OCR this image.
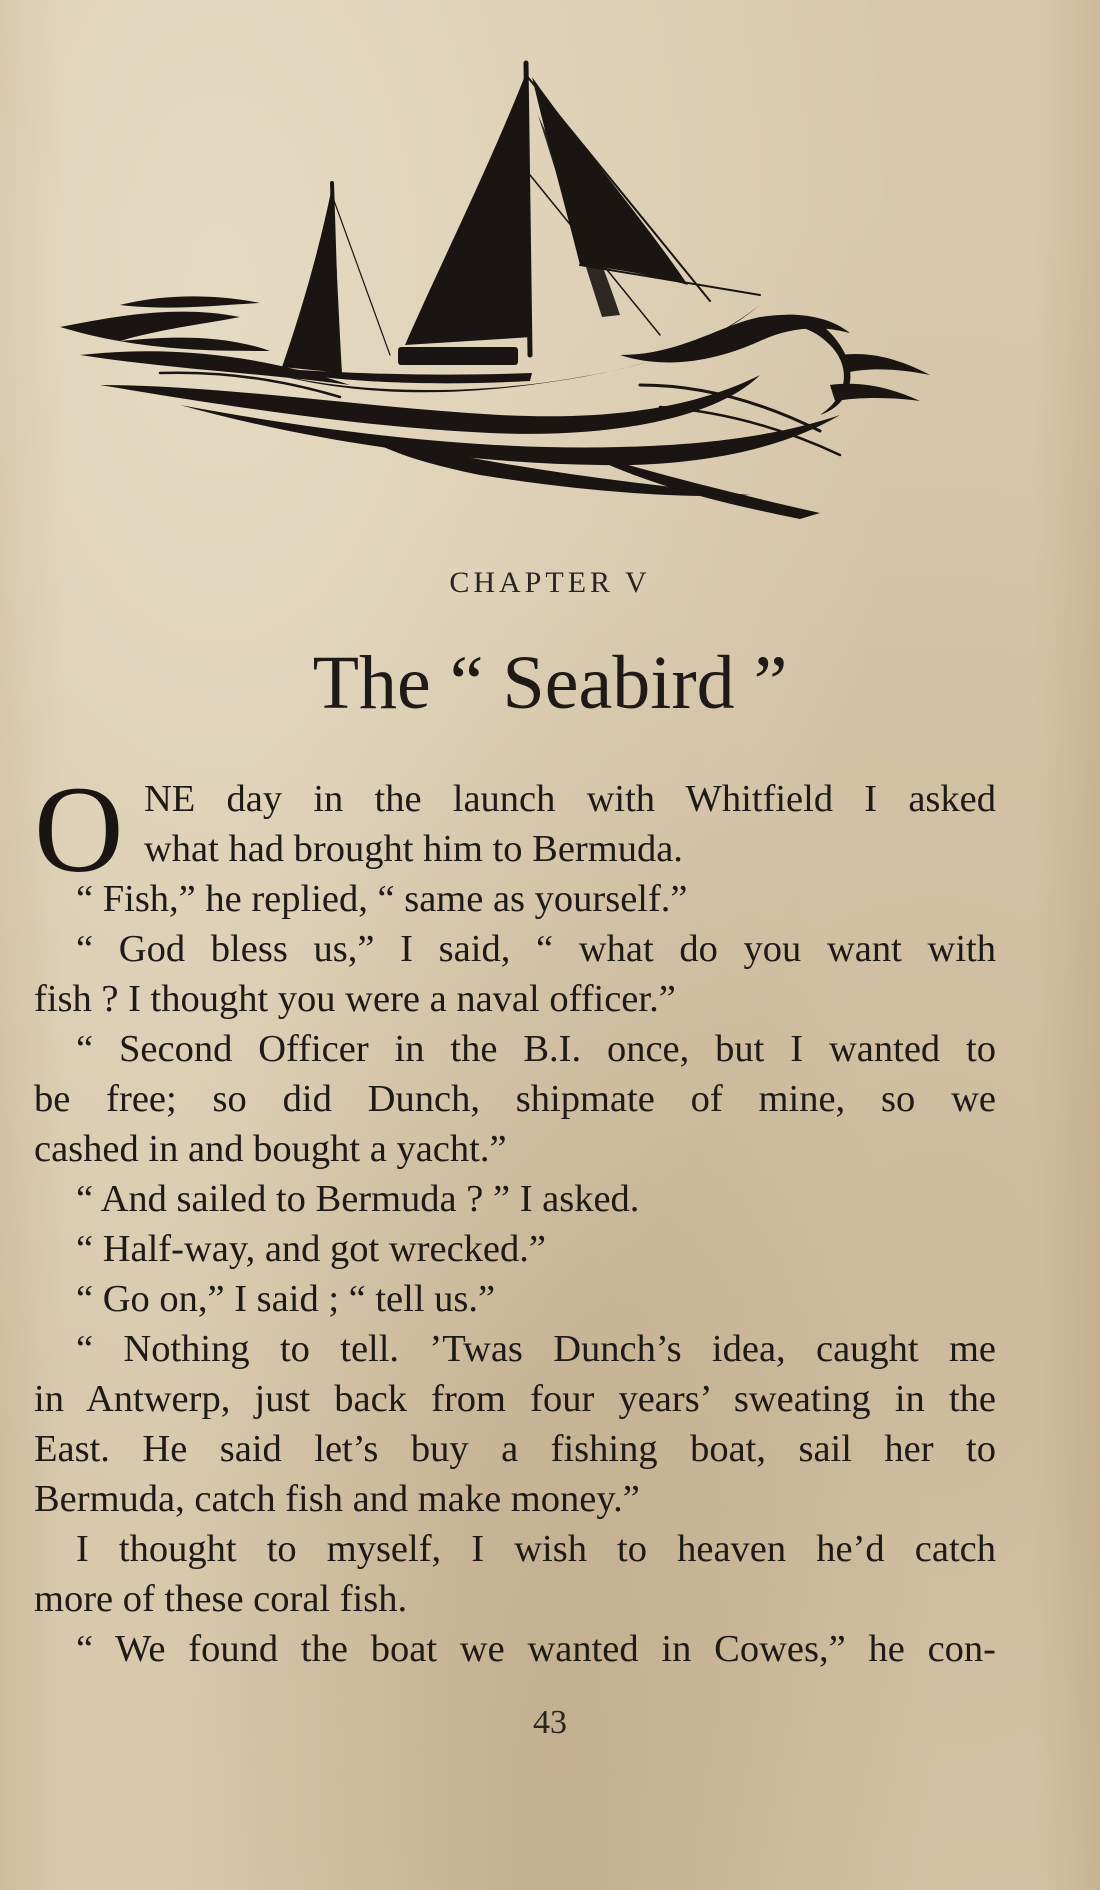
CHAPTER V
The “ Seabird ”
O NE day in the launch with Whitfield I asked
what had brought him to Bermuda.
“ Fish,” he replied, “ same as yourself.”
“ God bless us,” I said, “ what do you want with
fish ? I thought you were a naval officer.”
“ Second Officer in the B.I. once, but I wanted to
be free; so did Dunch, shipmate of mine, so we
cashed in and bought a yacht.”
“ And sailed to Bermuda ? ” I asked.
“ Half-way, and got wrecked.”
“ Go on,” I said ; “ tell us.”
“ Nothing to tell. ’Twas Dunch’s idea, caught me
in Antwerp, just back from four years’ sweating in the
East. He said let’s buy a fishing boat, sail her to
Bermuda, catch fish and make money.”
I thought to myself, I wish to heaven he’d catch
more of these coral fish.
“ We found the boat we wanted in Cowes,” he con-
43
